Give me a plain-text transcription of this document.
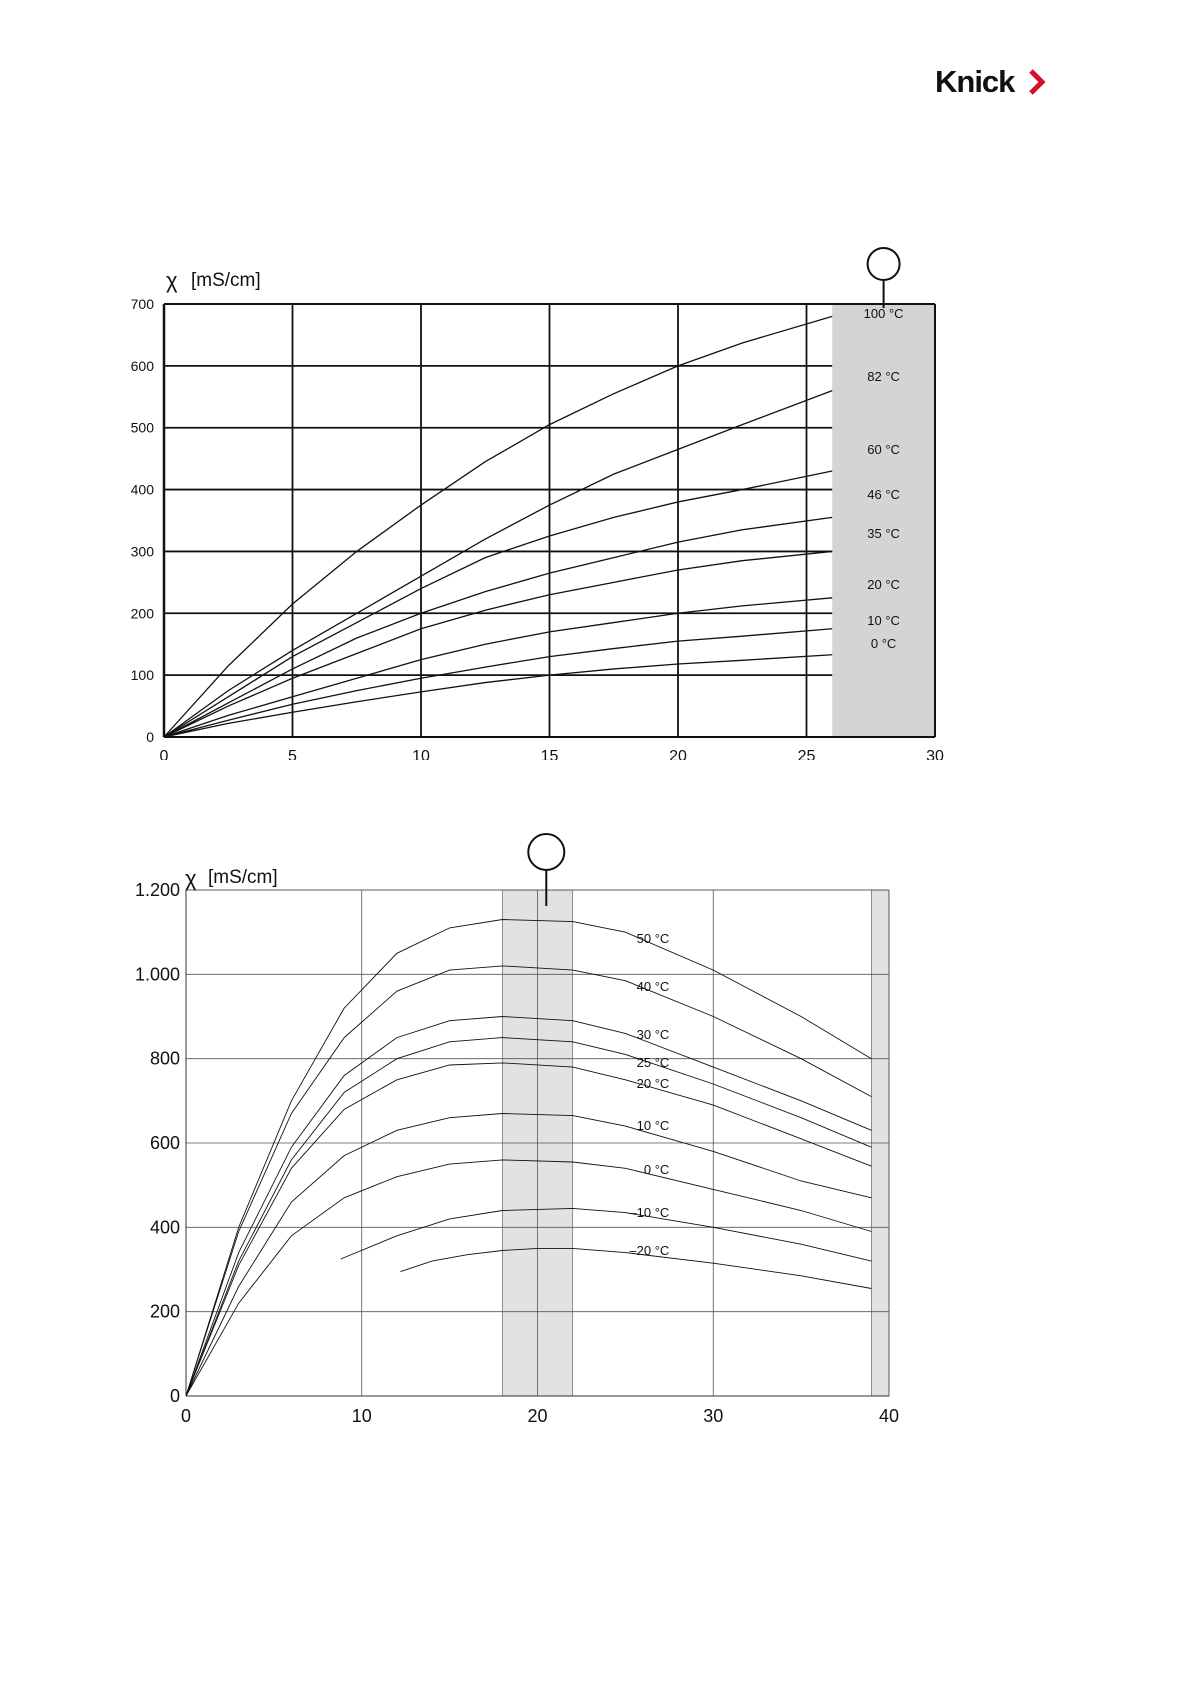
Knick
0
100
200
300
400
500
600
700
0	5	10	15	20	25	30
χ [mS/cm]
100 °C
82 °C
60 °C
46 °C
35 °C
20 °C
10 °C
0 °C
0
200
400
600
800
1.000
1.200
0	10	20	30	40
χ [mS/cm]
50 °C
40 °C
30 °C
25 °C
20 °C
10 °C
0 °C
–10 °C
–20 °C
